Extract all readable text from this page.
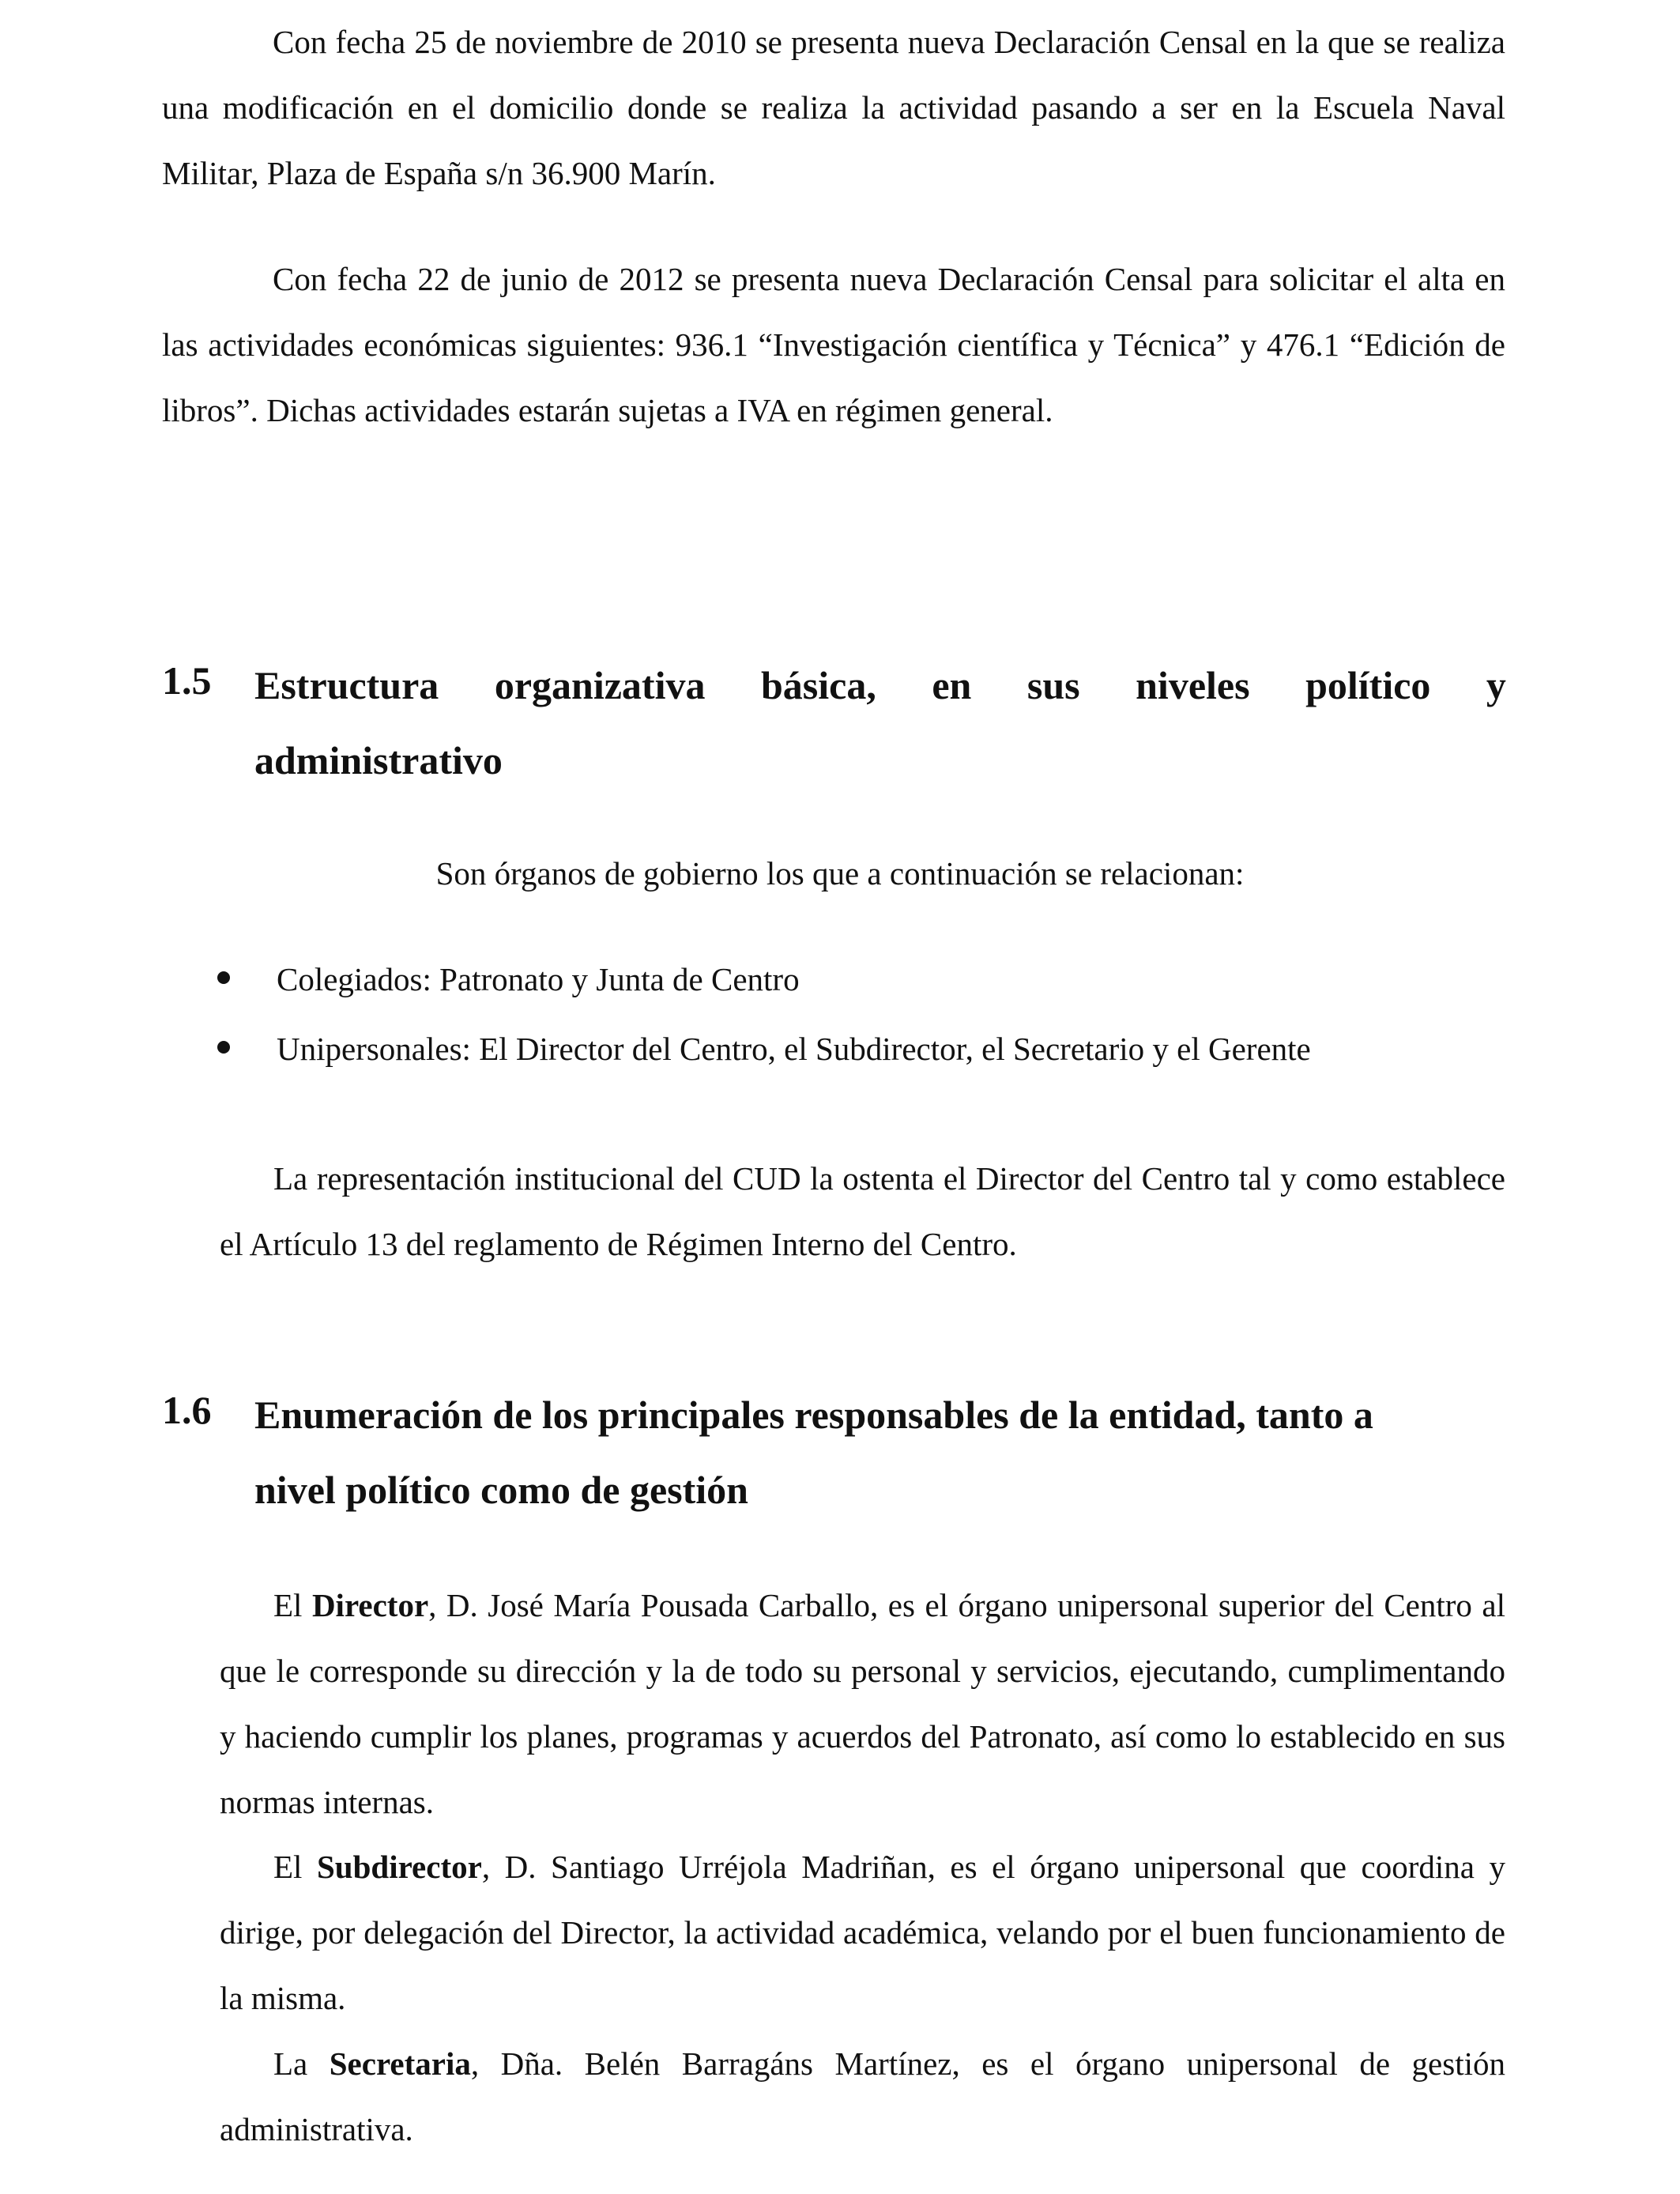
Con fecha 25 de noviembre de 2010 se presenta nueva Declaración Censal en la que se realiza una modificación en el domicilio donde se realiza la actividad pasando a ser en la Escuela Naval Militar, Plaza de España s/n 36.900 Marín.

Con fecha 22 de junio de 2012 se presenta nueva Declaración Censal para solicitar el alta en las actividades económicas siguientes: 936.1 “Investigación científica y Técnica” y 476.1 “Edición de libros”. Dichas actividades estarán sujetas a IVA en régimen general.

1.5 Estructura organizativa básica, en sus niveles político y
administrativo

Son órganos de gobierno los que a continuación se relacionan:

Colegiados: Patronato y Junta de Centro
Unipersonales: El Director del Centro, el Subdirector, el Secretario y el Gerente

La representación institucional del CUD la ostenta el Director del Centro tal y como establece el Artículo 13 del reglamento de Régimen Interno del Centro.

1.6 Enumeración de los principales responsables de la entidad, tanto a
nivel político como de gestión

El Director, D. José María Pousada Carballo, es el órgano unipersonal superior del Centro al que le corresponde su dirección y la de todo su personal y servicios, ejecutando, cumplimentando y haciendo cumplir los planes, programas y acuerdos del Patronato, así como lo establecido en sus normas internas.

El Subdirector, D. Santiago Urréjola Madriñan, es el órgano unipersonal que coordina y dirige, por delegación del Director, la actividad académica, velando por el buen funcionamiento de la misma.

La Secretaria, Dña. Belén Barragáns Martínez, es el órgano unipersonal de gestión administrativa.
